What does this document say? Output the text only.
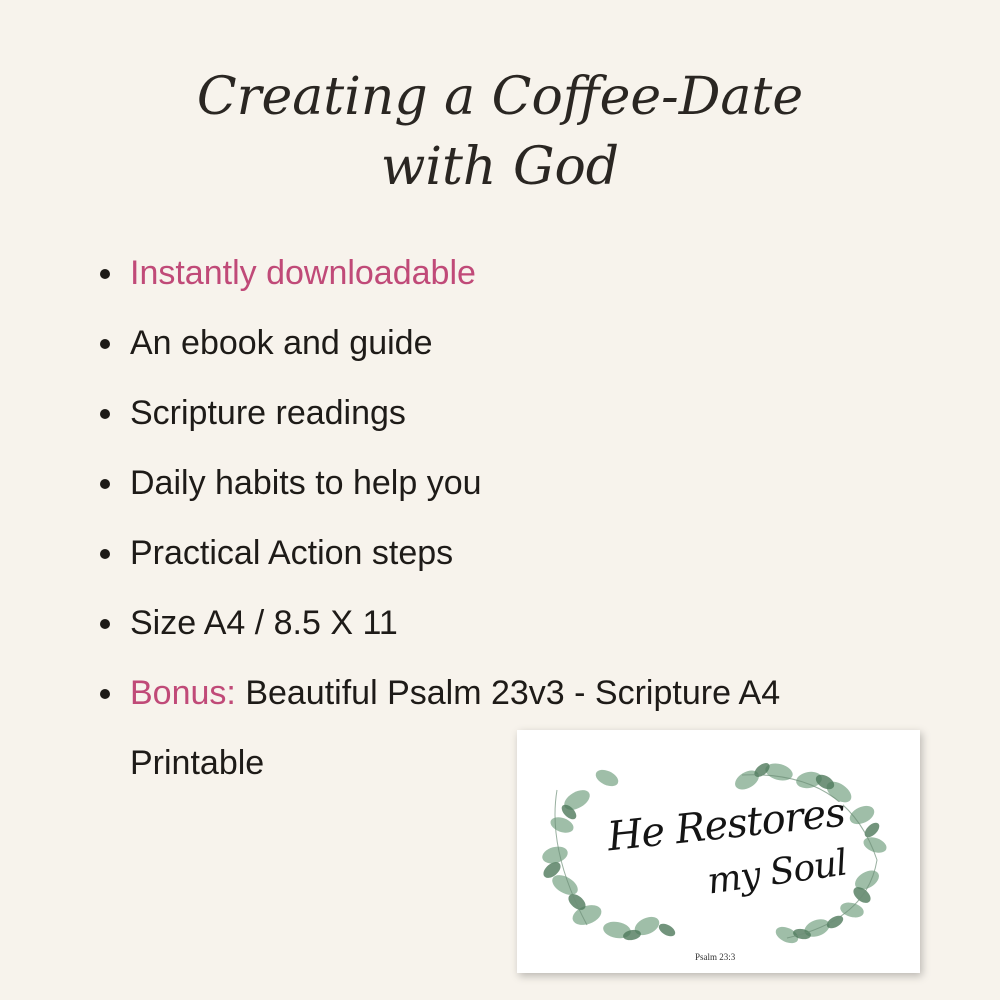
Creating a Coffee-Date
with God
Instantly downloadable
An ebook and guide
Scripture readings
Daily habits to help you
Practical Action steps
Size A4 / 8.5 X 11
Bonus: Beautiful Psalm 23v3 - Scripture A4
Printable
He Restores
my Soul
Psalm 23:3
